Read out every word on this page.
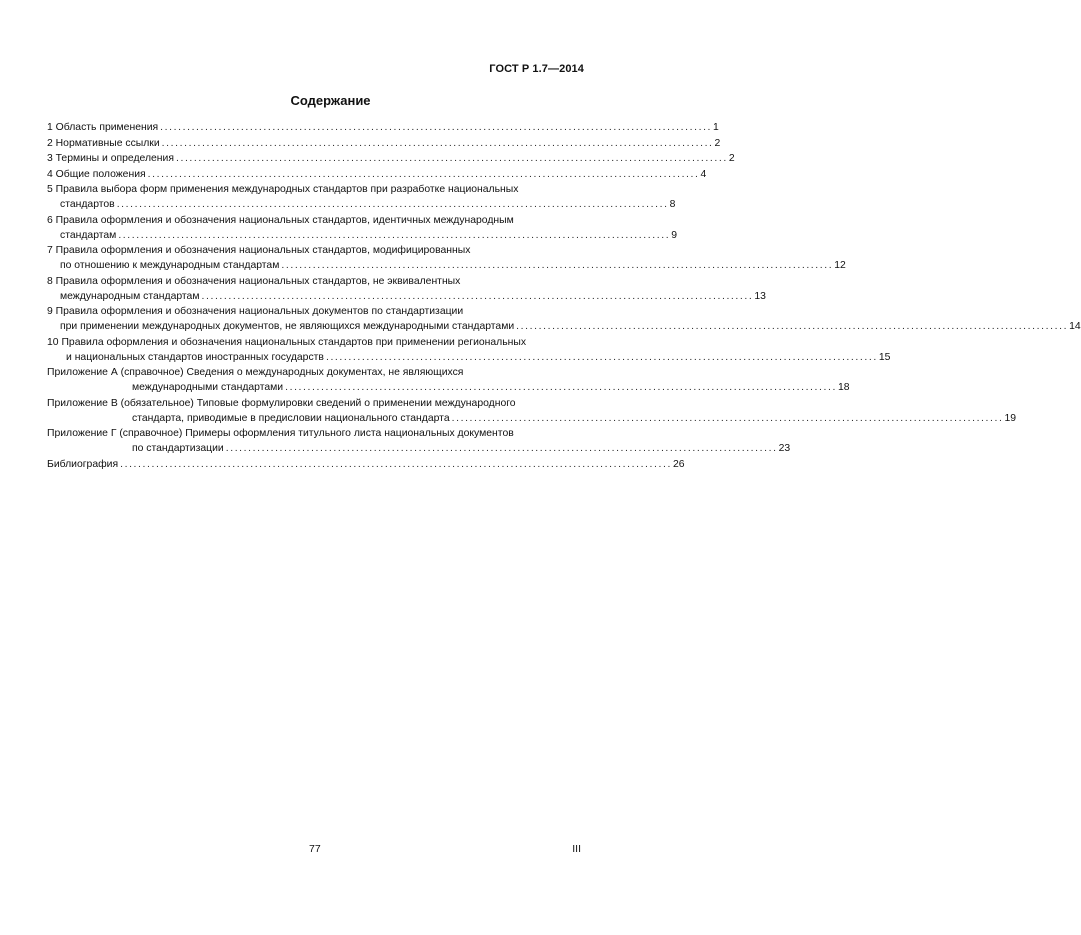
ГОСТ Р 1.7—2014
Содержание
1 Область применения ........................................................................................................................... 1
2 Нормативные ссылки ........................................................................................................................... 2
3 Термины и определения ........................................................................................................................... 2
4 Общие положения ........................................................................................................................... 4
5 Правила выбора форм применения международных стандартов при разработке национальных
стандартов ........................................................................................................................... 8
6 Правила оформления и обозначения национальных стандартов, идентичных международным
стандартам ........................................................................................................................... 9
7 Правила оформления и обозначения национальных стандартов, модифицированных
по отношению к международным стандартам ........................................................................................................................... 12
8 Правила оформления и обозначения национальных стандартов, не эквивалентных
международным стандартам ........................................................................................................................... 13
9 Правила оформления и обозначения национальных документов по стандартизации
при применении международных документов, не являющихся международными стандартами ........................................................................................................................... 14
10 Правила оформления и обозначения национальных стандартов при применении региональных
и национальных стандартов иностранных государств ........................................................................................................................... 15
Приложение А (справочное) Сведения о международных документах, не являющихся
международными стандартами ........................................................................................................................... 18
Приложение В (обязательное) Типовые формулировки сведений о применении международного
стандарта, приводимые в предисловии национального стандарта ........................................................................................................................... 19
Приложение Г (справочное) Примеры оформления титульного листа национальных документов
по стандартизации ........................................................................................................................... 23
Библиография ........................................................................................................................... 26
77	III
